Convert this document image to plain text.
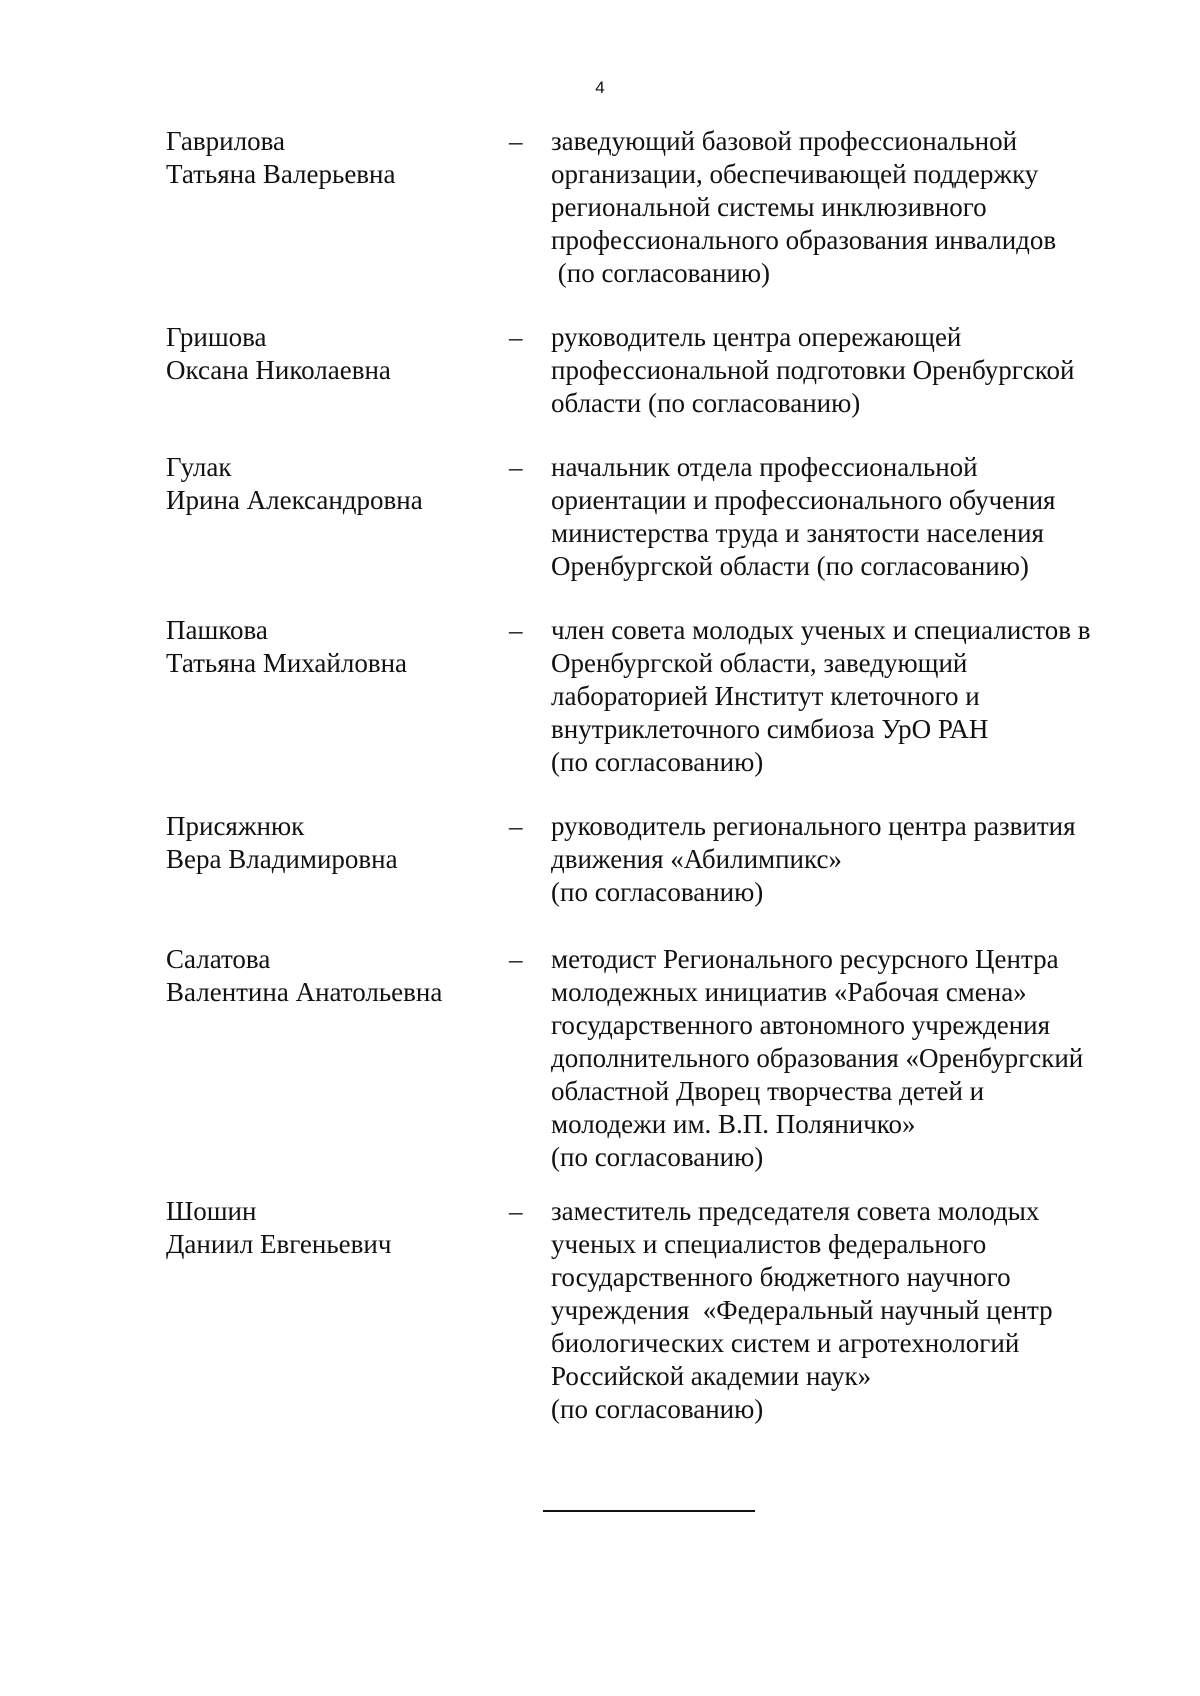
4
Гаврилова
Татьяна Валерьевна
– заведующий базовой профессиональной
организации, обеспечивающей поддержку
региональной системы инклюзивного
профессионального образования инвалидов
(по согласованию)
Гришова
Оксана Николаевна
– руководитель центра опережающей
профессиональной подготовки Оренбургской
области (по согласованию)
Гулак
Ирина Александровна
– начальник отдела профессиональной
ориентации и профессионального обучения
министерства труда и занятости населения
Оренбургской области (по согласованию)
Пашкова
Татьяна Михайловна
– член совета молодых ученых и специалистов в
Оренбургской области, заведующий
лабораторией Институт клеточного и
внутриклеточного симбиоза УрО РАН
(по согласованию)
Присяжнюк
Вера Владимировна
– руководитель регионального центра развития
движения «Абилимпикс»
(по согласованию)
Салатова
Валентина Анатольевна
– методист Регионального ресурсного Центра
молодежных инициатив «Рабочая смена»
государственного автономного учреждения
дополнительного образования «Оренбургский
областной Дворец творчества детей и
молодежи им. В.П. Поляничко»
(по согласованию)
Шошин
Даниил Евгеньевич
– заместитель председателя совета молодых
ученых и специалистов федерального
государственного бюджетного научного
учреждения  «Федеральный научный центр
биологических систем и агротехнологий
Российской академии наук»
(по согласованию)
